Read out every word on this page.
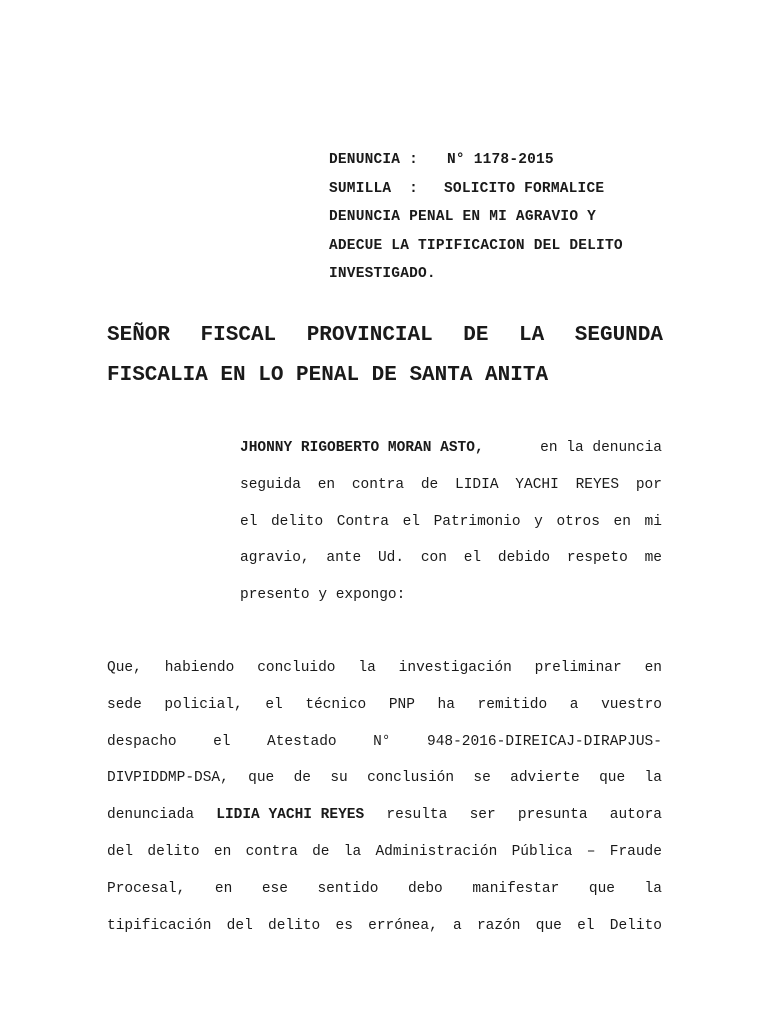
DENUNCIA : N° 1178-2015
SUMILLA  : SOLICITO FORMALICE
DENUNCIA PENAL EN MI AGRAVIO Y
ADECUE LA TIPIFICACION DEL DELITO
INVESTIGADO.
SEÑOR FISCAL PROVINCIAL DE LA SEGUNDA
FISCALIA EN LO PENAL DE SANTA ANITA
JHONNY RIGOBERTO MORAN ASTO,	en la denuncia
seguida en contra de LIDIA YACHI REYES por
el delito Contra el Patrimonio y otros en mi
agravio, ante Ud. con el debido respeto me
presento y expongo:
Que, habiendo concluido la investigación preliminar en
sede policial, el técnico PNP ha remitido a vuestro
despacho	el	Atestado	N°	948-2016-DIREICAJ-DIRAPJUS-
DIVPIDDMP-DSA, que de su conclusión se advierte que la
denunciada LIDIA YACHI REYES resulta ser presunta autora
del delito en contra de la Administración Pública – Fraude
Procesal, en ese sentido debo manifestar que la
tipificación del delito es errónea, a razón que el Delito
